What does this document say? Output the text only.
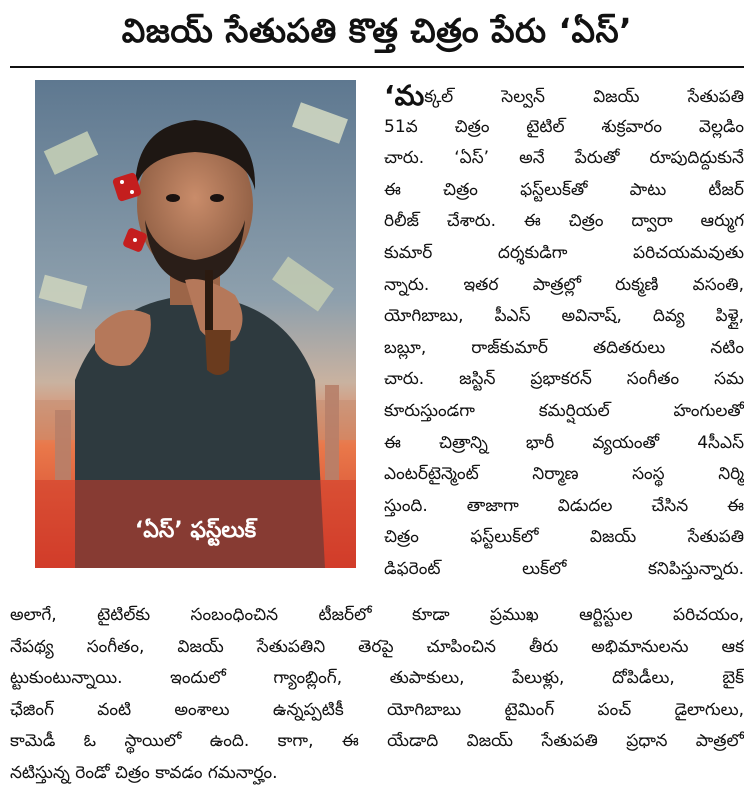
విజయ్ సేతుపతి కొత్త చిత్రం పేరు ‘ఏస్’
‘ఏస్’ ఫస్ట్‌లుక్
‘మక్కల్ సెల్వన్ విజయ్ సేతుపతి
51వ చిత్రం టైటిల్ శుక్రవారం వెల్లడిం
చారు. ‘ఏస్’ అనే పేరుతో రూపుదిద్దుకునే
ఈ చిత్రం ఫస్ట్‌లుక్‌తో పాటు టీజర్
రిలీజ్ చేశారు. ఈ చిత్రం ద్వారా ఆర్ముగ
కుమార్ దర్శకుడిగా పరిచయమవుతు
న్నారు. ఇతర పాత్రల్లో రుక్మణి వసంతి,
యోగిబాబు, పీఎస్ అవినాష్, దివ్య పిళ్లై,
బబ్లూ, రాజ్‌కుమార్ తదితరులు నటిం
చారు. జస్టిన్ ప్రభాకరన్ సంగీతం సమ
కూరుస్తుండగా కమర్షియల్ హంగులతో
ఈ చిత్రాన్ని భారీ వ్యయంతో 4సీఎస్
ఎంటర్‌టైన్మెంట్ నిర్మాణ సంస్థ నిర్మి
స్తుంది. తాజాగా విడుదల చేసిన ఈ
చిత్రం ఫస్ట్‌లుక్‌లో విజయ్ సేతుపతి
డిఫరెంట్ లుక్‌లో కనిపిస్తున్నారు.
అలాగే, టైటిల్‌కు సంబంధించిన టీజర్‌లో కూడా ప్రముఖ ఆర్టిస్టుల పరిచయం,
నేపథ్య సంగీతం, విజయ్ సేతుపతిని తెరపై చూపించిన తీరు అభిమానులను ఆక
ట్టుకుంటున్నాయి. ఇందులో గ్యాంబ్లింగ్, తుపాకులు, పేలుళ్లు, దోపిడీలు, బైక్
ఛేజింగ్ వంటి అంశాలు ఉన్నప్పటికీ యోగిబాబు టైమింగ్ పంచ్ డైలాగులు,
కామెడీ ఓ స్థాయిలో ఉంది. కాగా, ఈ యేడాది విజయ్ సేతుపతి ప్రధాన పాత్రలో
నటిస్తున్న రెండో చిత్రం కావడం గమనార్హం.
